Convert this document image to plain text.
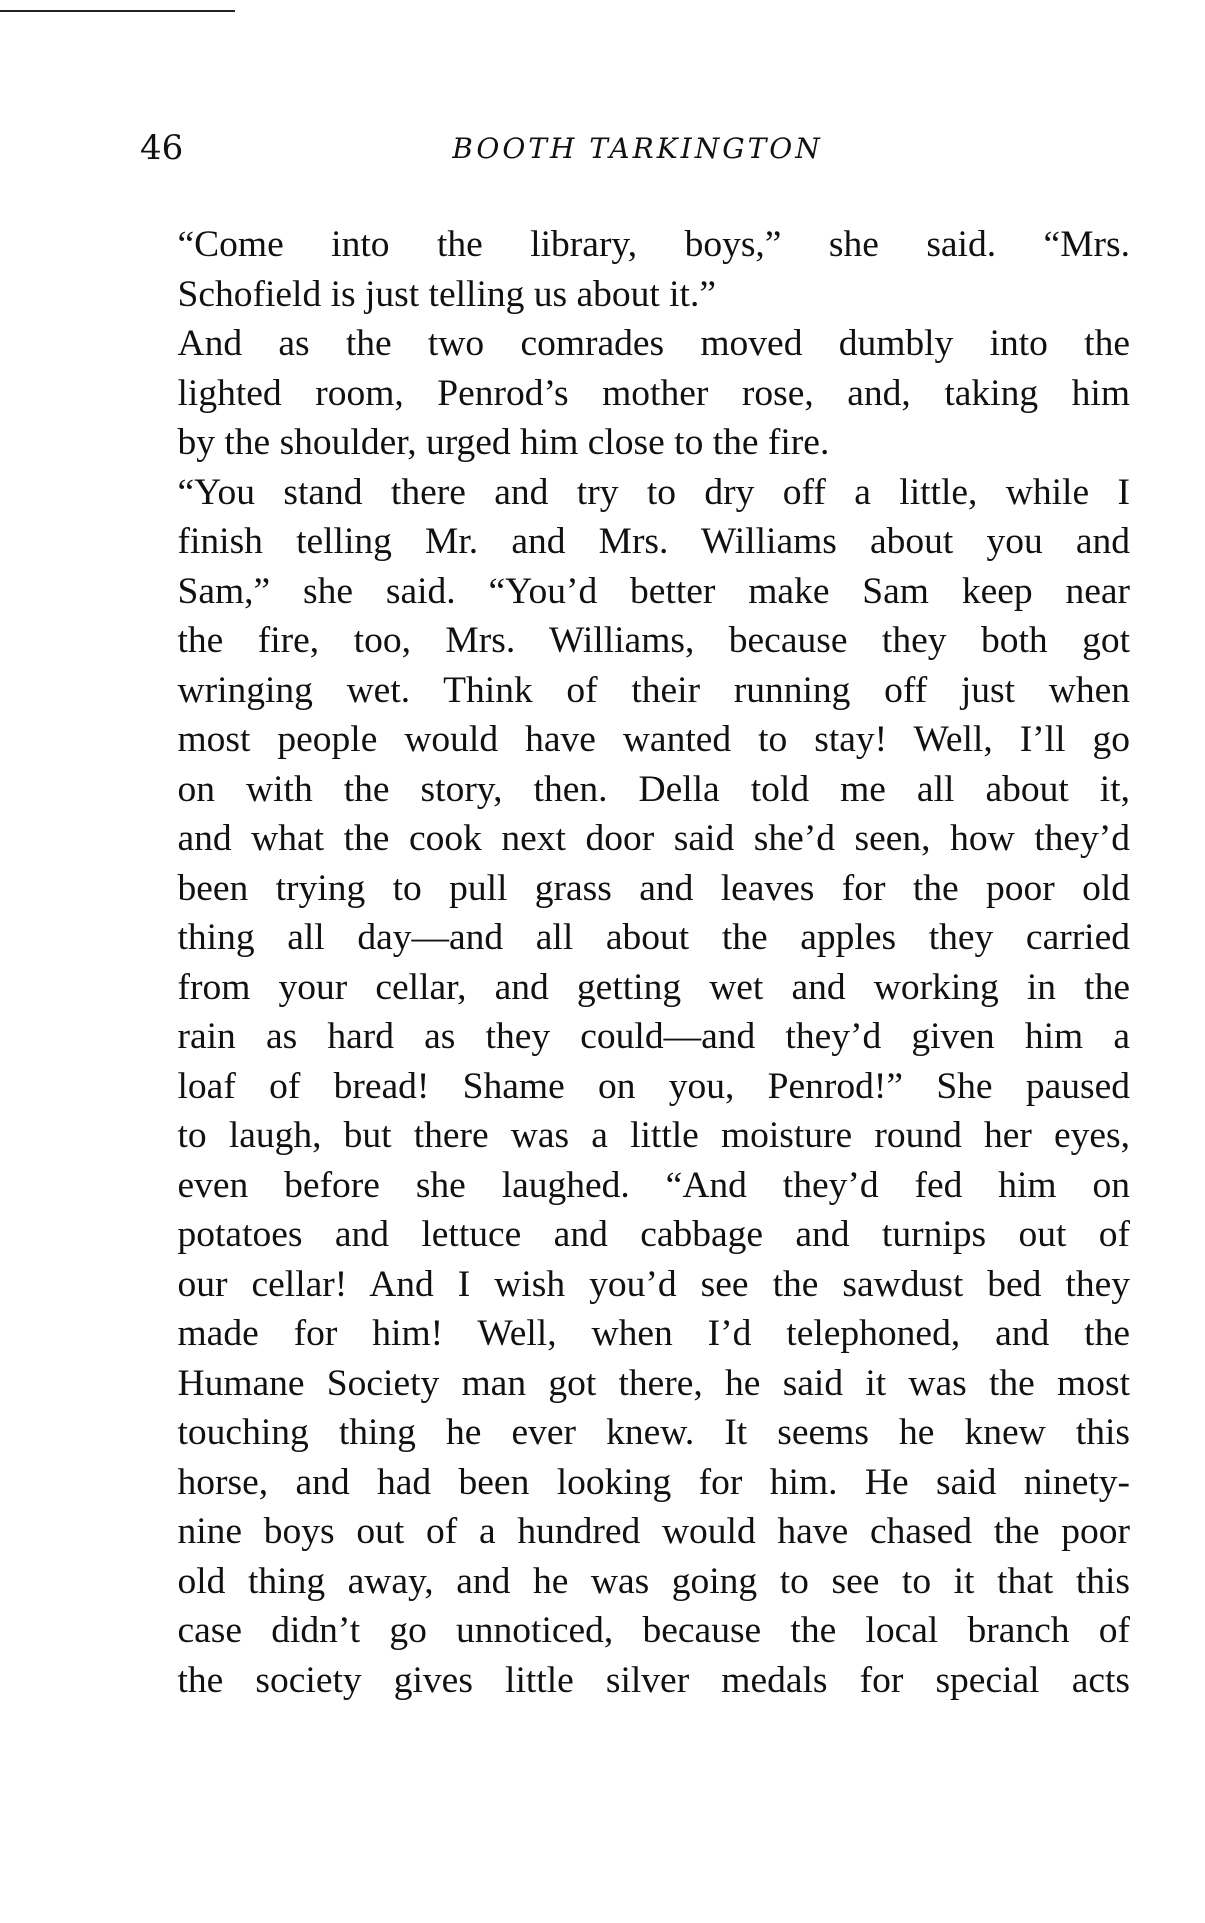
46	BOOTH TARKINGTON

“Come into the library, boys,” she said. “Mrs.
Schofield is just telling us about it.”

And as the two comrades moved dumbly into the
lighted room, Penrod’s mother rose, and, taking him
by the shoulder, urged him close to the fire.

“You stand there and try to dry off a little, while I
finish telling Mr. and Mrs. Williams about you and
Sam,” she said. “You’d better make Sam keep near
the fire, too, Mrs. Williams, because they both got
wringing wet. Think of their running off just when
most people would have wanted to stay! Well, I’ll go
on with the story, then. Della told me all about it,
and what the cook next door said she’d seen, how they’d
been trying to pull grass and leaves for the poor old
thing all day—and all about the apples they carried
from your cellar, and getting wet and working in the
rain as hard as they could—and they’d given him a
loaf of bread! Shame on you, Penrod!” She paused
to laugh, but there was a little moisture round her eyes,
even before she laughed. “And they’d fed him on
potatoes and lettuce and cabbage and turnips out of
our cellar! And I wish you’d see the sawdust bed they
made for him! Well, when I’d telephoned, and the
Humane Society man got there, he said it was the most
touching thing he ever knew. It seems he knew this
horse, and had been looking for him. He said ninety-
nine boys out of a hundred would have chased the poor
old thing away, and he was going to see to it that this
case didn’t go unnoticed, because the local branch of
the society gives little silver medals for special acts
